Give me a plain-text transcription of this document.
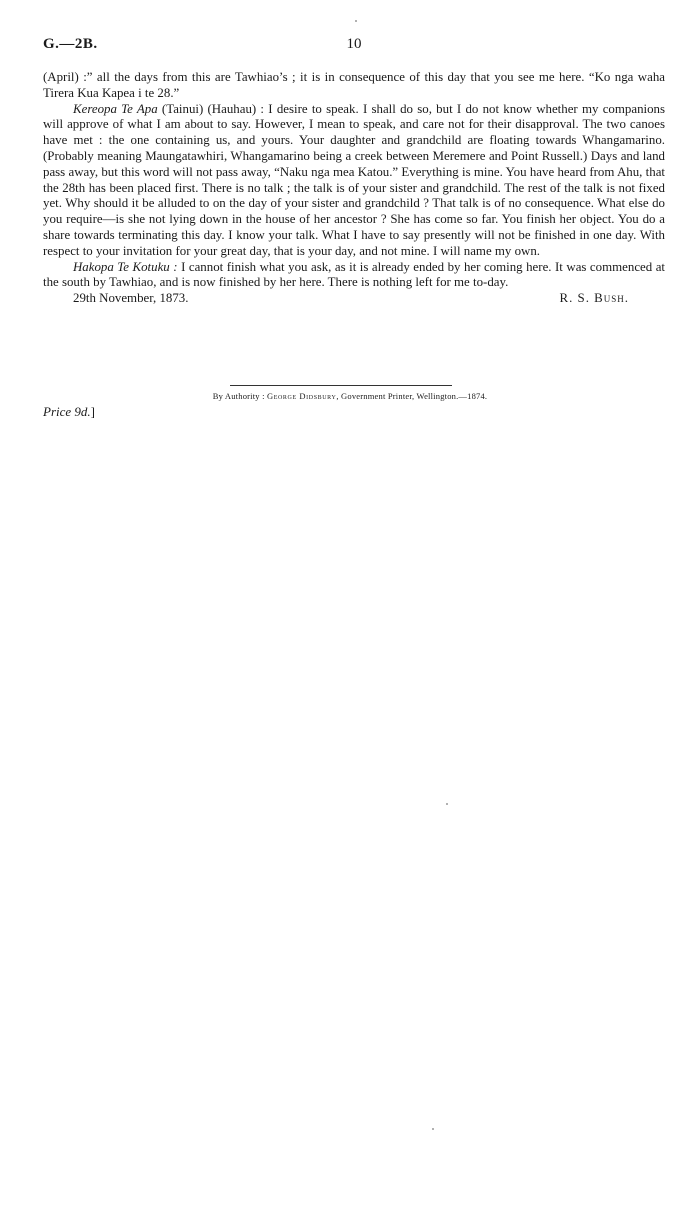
G.—2B.	10

(April) :” all the days from this are Tawhiao’s ; it is in consequence of this day that you see me here. “Ko nga waha Tirera Kua Kapea i te 28.”

Kereopa Te Apa (Tainui) (Hauhau) : I desire to speak. I shall do so, but I do not know whether my companions will approve of what I am about to say. However, I mean to speak, and care not for their disapproval. The two canoes have met : the one containing us, and yours. Your daughter and grandchild are floating towards Whangamarino. (Probably meaning Maungatawhiri, Whangamarino being a creek between Meremere and Point Russell.) Days and land pass away, but this word will not pass away, “Naku nga mea Katou.” Everything is mine. You have heard from Ahu, that the 28th has been placed first. There is no talk ; the talk is of your sister and grandchild. The rest of the talk is not fixed yet. Why should it be alluded to on the day of your sister and grandchild ? That talk is of no consequence. What else do you require—is she not lying down in the house of her ancestor ? She has come so far. You finish her object. You do a share towards terminating this day. I know your talk. What I have to say presently will not be finished in one day. With respect to your invitation for your great day, that is your day, and not mine. I will name my own.

Hakopa Te Kotuku : I cannot finish what you ask, as it is already ended by her coming here. It was commenced at the south by Tawhiao, and is now finished by her here. There is nothing left for me to-day.

29th November, 1873.	R. S. Bush.
By Authority : George Didsbury, Government Printer, Wellington.—1874.
Price 9d.]
